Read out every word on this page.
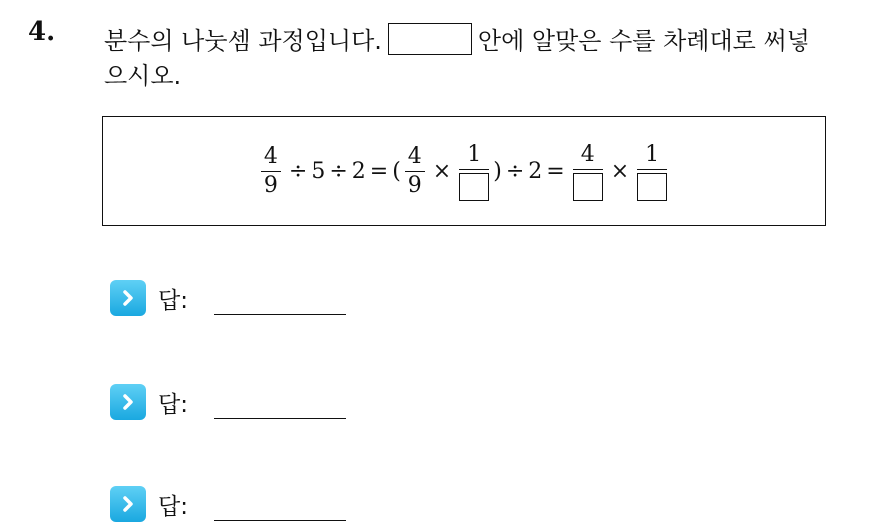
4. 분수의 나눗셈 과정입니다.	안에 알맞은 수를 차례대로 써넣
으시오.
$\frac{4}{9} \div 5 \div 2$ = ( $\frac{4}{9}$ ×
1
) ÷ 2 =
4
×
1
답:
답:
답:
